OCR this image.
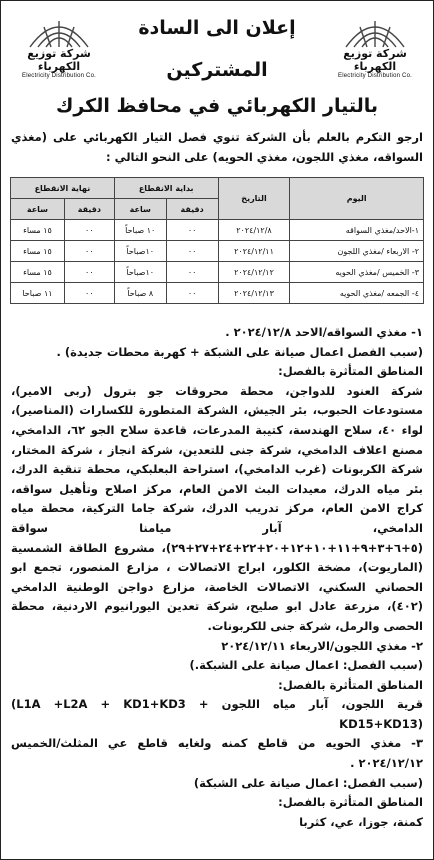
شركة توزيع الكهرباء
Electricity Distribution Co.
شركة توزيع الكهرباء
Electricity Distribution Co.
إعلان الى السادة
المشتركين
بالتيار الكهربائي في محافظ الكرك
ارجو التكرم بالعلم بأن الشركة تنوي فصل التيار الكهربائي على (مغذي السواقه، مغذي اللجون، مغذي الحويه) على النحو التالي :
اليوم	التاريخ	بداية الانقطاع		نهاية الانقطاع	
		دقيقة	ساعة	دقيقة	ساعة
١-الاحد/مغذي السواقه	٢٠٢٤/١٢/٨	٠٠	١٠ صباحاً	٠٠	١٥ مساء
٢- الاربعاء /مغذي اللجون	٢٠٢٤/١٢/١١	٠٠	١٠صباحاً	٠٠	١٥ مساء
٣- الخميس /مغذي الحويه	٢٠٢٤/١٢/١٢	٠٠	١٠صباحاً	٠٠	١٥ مساء
٤- الجمعه /مغذي الحويه	٢٠٢٤/١٢/١٣	٠٠	٨ صباحاً	٠٠	١١ صباحا

١- مغذي السواقه/الاحد ٢٠٢٤/١٢/٨ .

(سبب الفصل اعمال صيانة على الشبكة + كهربة محطات جديدة) .

المناطق المتأثرة بالفصل:

شركة العنود للدواجن، محطة محروقات جو بترول (ربى الامير)، مستودعات الحبوب، بئر الجيش، الشركة المتطورة للكسارات (المناصير)، لواء ٤٠، سلاح الهندسة، كتيبة المدرعات، قاعدة سلاح الجو ٦٢، الدامخي، مصنع اعلاف الدامخي، شركة جنى للتعدين، شركة انجاز ، شركة المختار، شركة الكربونات (غرب الدامخي)، استراحة البعلبكي، محطة تنقية الدرك، بئر مياه الدرك، معيدات البث الامن العام، مركز اصلاح وتأهيل سواقه، كراج الامن العام، مركز تدريب الدرك، شركة جاما التركية، محطة مياه الدامخي، آبار ميامنا سواقة (٥+٦+٣+٩+١١+١٠+١٢+٢٠+٢٢+٢٤+٢٧+٢٩)، مشروع الطاقة الشمسية (الماريوت)، مضخة الكلور، ابراج الاتصالات ، مزارع المنصور، تجمع ابو الحصاني السكني، الاتصالات الخاصة، مزارع دواجن الوطنية الدامخي (٤٠٢)، مزرعة عادل ابو صليح، شركة تعدين اليورانيوم الاردنية، محطة الحصى والرمل، شركة جنى للكربونات.

٢- مغذي اللجون/الاربعاء ٢٠٢٤/١٢/١١

(سبب الفصل: اعمال صيانة على الشبكة.)

المناطق المتأثرة بالفصل:

قرية اللجون، آبار مياه اللجون (L1A +L2A + KD1+KD3 + KD15+KD13)

٣- مغذي الحويه من قاطع كمنه ولغايه قاطع عي المثلث/الخميس ٢٠٢٤/١٢/١٢ .

(سبب الفصل: اعمال صيانة على الشبكة)

المناطق المتأثرة بالفصل:

كمنة، جوزا، عي، كثربا
